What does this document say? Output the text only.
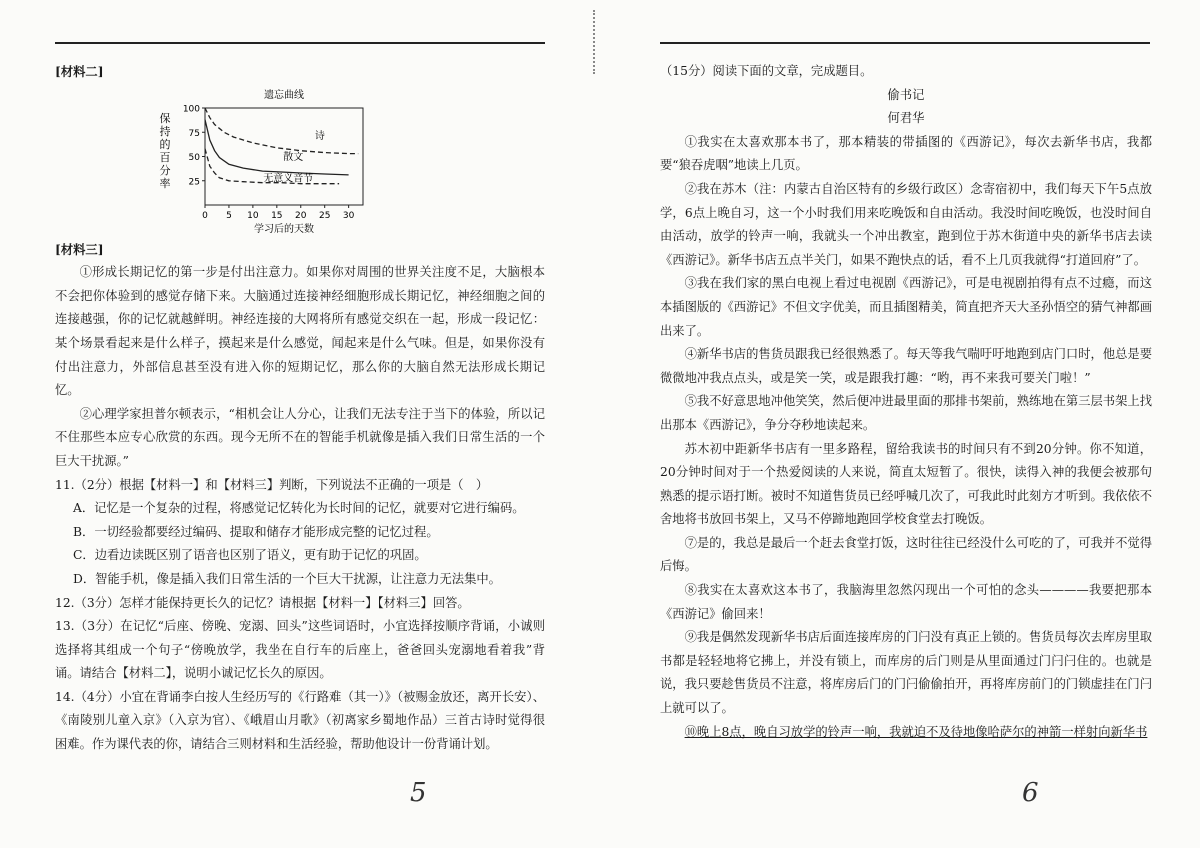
[材料二]

遗忘曲线
25
50
75
100
0 5 10 15 20 25 30
学习后的天数
保持的百分率
诗
散文
无意义音节

[材料三]

①形成长期记忆的第一步是付出注意力。如果你对周围的世界关注度不足，大脑根本不会把你体验到的感觉存储下来。大脑通过连接神经细胞形成长期记忆，神经细胞之间的连接越强，你的记忆就越鲜明。神经连接的大网将所有感觉交织在一起，形成一段记忆：某个场景看起来是什么样子，摸起来是什么感觉，闻起来是什么气味。但是，如果你没有付出注意力，外部信息甚至没有进入你的短期记忆，那么你的大脑自然无法形成长期记忆。

②心理学家担普尔顿表示，“相机会让人分心，让我们无法专注于当下的体验，所以记不住那些本应专心欣赏的东西。现今无所不在的智能手机就像是插入我们日常生活的一个巨大干扰源。”

11.（2分）根据【材料一】和【材料三】判断，下列说法不正确的一项是（　）

A．记忆是一个复杂的过程，将感觉记忆转化为长时间的记忆，就要对它进行编码。

B．一切经验都要经过编码、提取和储存才能形成完整的记忆过程。

C．边看边读既区别了语音也区别了语义，更有助于记忆的巩固。

D．智能手机，像是插入我们日常生活的一个巨大干扰源，让注意力无法集中。

12.（3分）怎样才能保持更长久的记忆？请根据【材料一】【材料三】回答。

13.（3分）在记忆“后座、傍晚、宠溺、回头”这些词语时，小宜选择按顺序背诵，小诚则选择将其组成一个句子“傍晚放学，我坐在自行车的后座上，爸爸回头宠溺地看着我”背诵。请结合【材料二】，说明小诚记忆长久的原因。

14.（4分）小宜在背诵李白按人生经历写的《行路难（其一）》（被赐金放还，离开长安）、《南陵别儿童入京》（入京为官）、《峨眉山月歌》（初离家乡蜀地作品）三首古诗时觉得很困难。作为课代表的你，请结合三则材料和生活经验，帮助他设计一份背诵计划。

5

（15分）阅读下面的文章，完成题目。

偷书记

何君华

①我实在太喜欢那本书了，那本精装的带插图的《西游记》，每次去新华书店，我都要“狼吞虎咽”地读上几页。

②我在苏木（注：内蒙古自治区特有的乡级行政区）念寄宿初中，我们每天下午5点放学，6点上晚自习，这一个小时我们用来吃晚饭和自由活动。我没时间吃晚饭，也没时间自由活动，放学的铃声一响，我就头一个冲出教室，跑到位于苏木街道中央的新华书店去读《西游记》。新华书店五点半关门，如果不跑快点的话，看不上几页我就得“打道回府”了。

③我在我们家的黑白电视上看过电视剧《西游记》，可是电视剧拍得有点不过瘾，而这本插图版的《西游记》不但文字优美，而且插图精美，简直把齐天大圣孙悟空的猜气神都画出来了。

④新华书店的售货员跟我已经很熟悉了。每天等我气喘吁吁地跑到店门口时，他总是要微微地冲我点点头，或是笑一笑，或是跟我打趣：“哟，再不来我可要关门啦！”

⑤我不好意思地冲他笑笑，然后便冲进最里面的那排书架前，熟练地在第三层书架上找出那本《西游记》，争分夺秒地读起来。

苏木初中距新华书店有一里多路程，留给我读书的时间只有不到20分钟。你不知道，20分钟时间对于一个热爱阅读的人来说，简直太短暂了。很快，读得入神的我便会被那句熟悉的提示语打断。被时不知道售货员已经呼喊几次了，可我此时此刻方才听到。我依依不舍地将书放回书架上，又马不停蹄地跑回学校食堂去打晚饭。

⑦是的，我总是最后一个赶去食堂打饭，这时往往已经没什么可吃的了，可我并不觉得后悔。

⑧我实在太喜欢这本书了，我脑海里忽然闪现出一个可怕的念头————我要把那本《西游记》偷回来！

⑨我是偶然发现新华书店后面连接库房的门闩没有真正上锁的。售货员每次去库房里取书都是轻轻地将它拂上，并没有锁上，而库房的后门则是从里面通过门闩闩住的。也就是说，我只要趁售货员不注意，将库房后门的门闩偷偷拍开，再将库房前门的门锁虚挂在门闩上就可以了。

⑩晚上8点，晚自习放学的铃声一响，我就迫不及待地像哈萨尔的神箭一样射向新华书

6
